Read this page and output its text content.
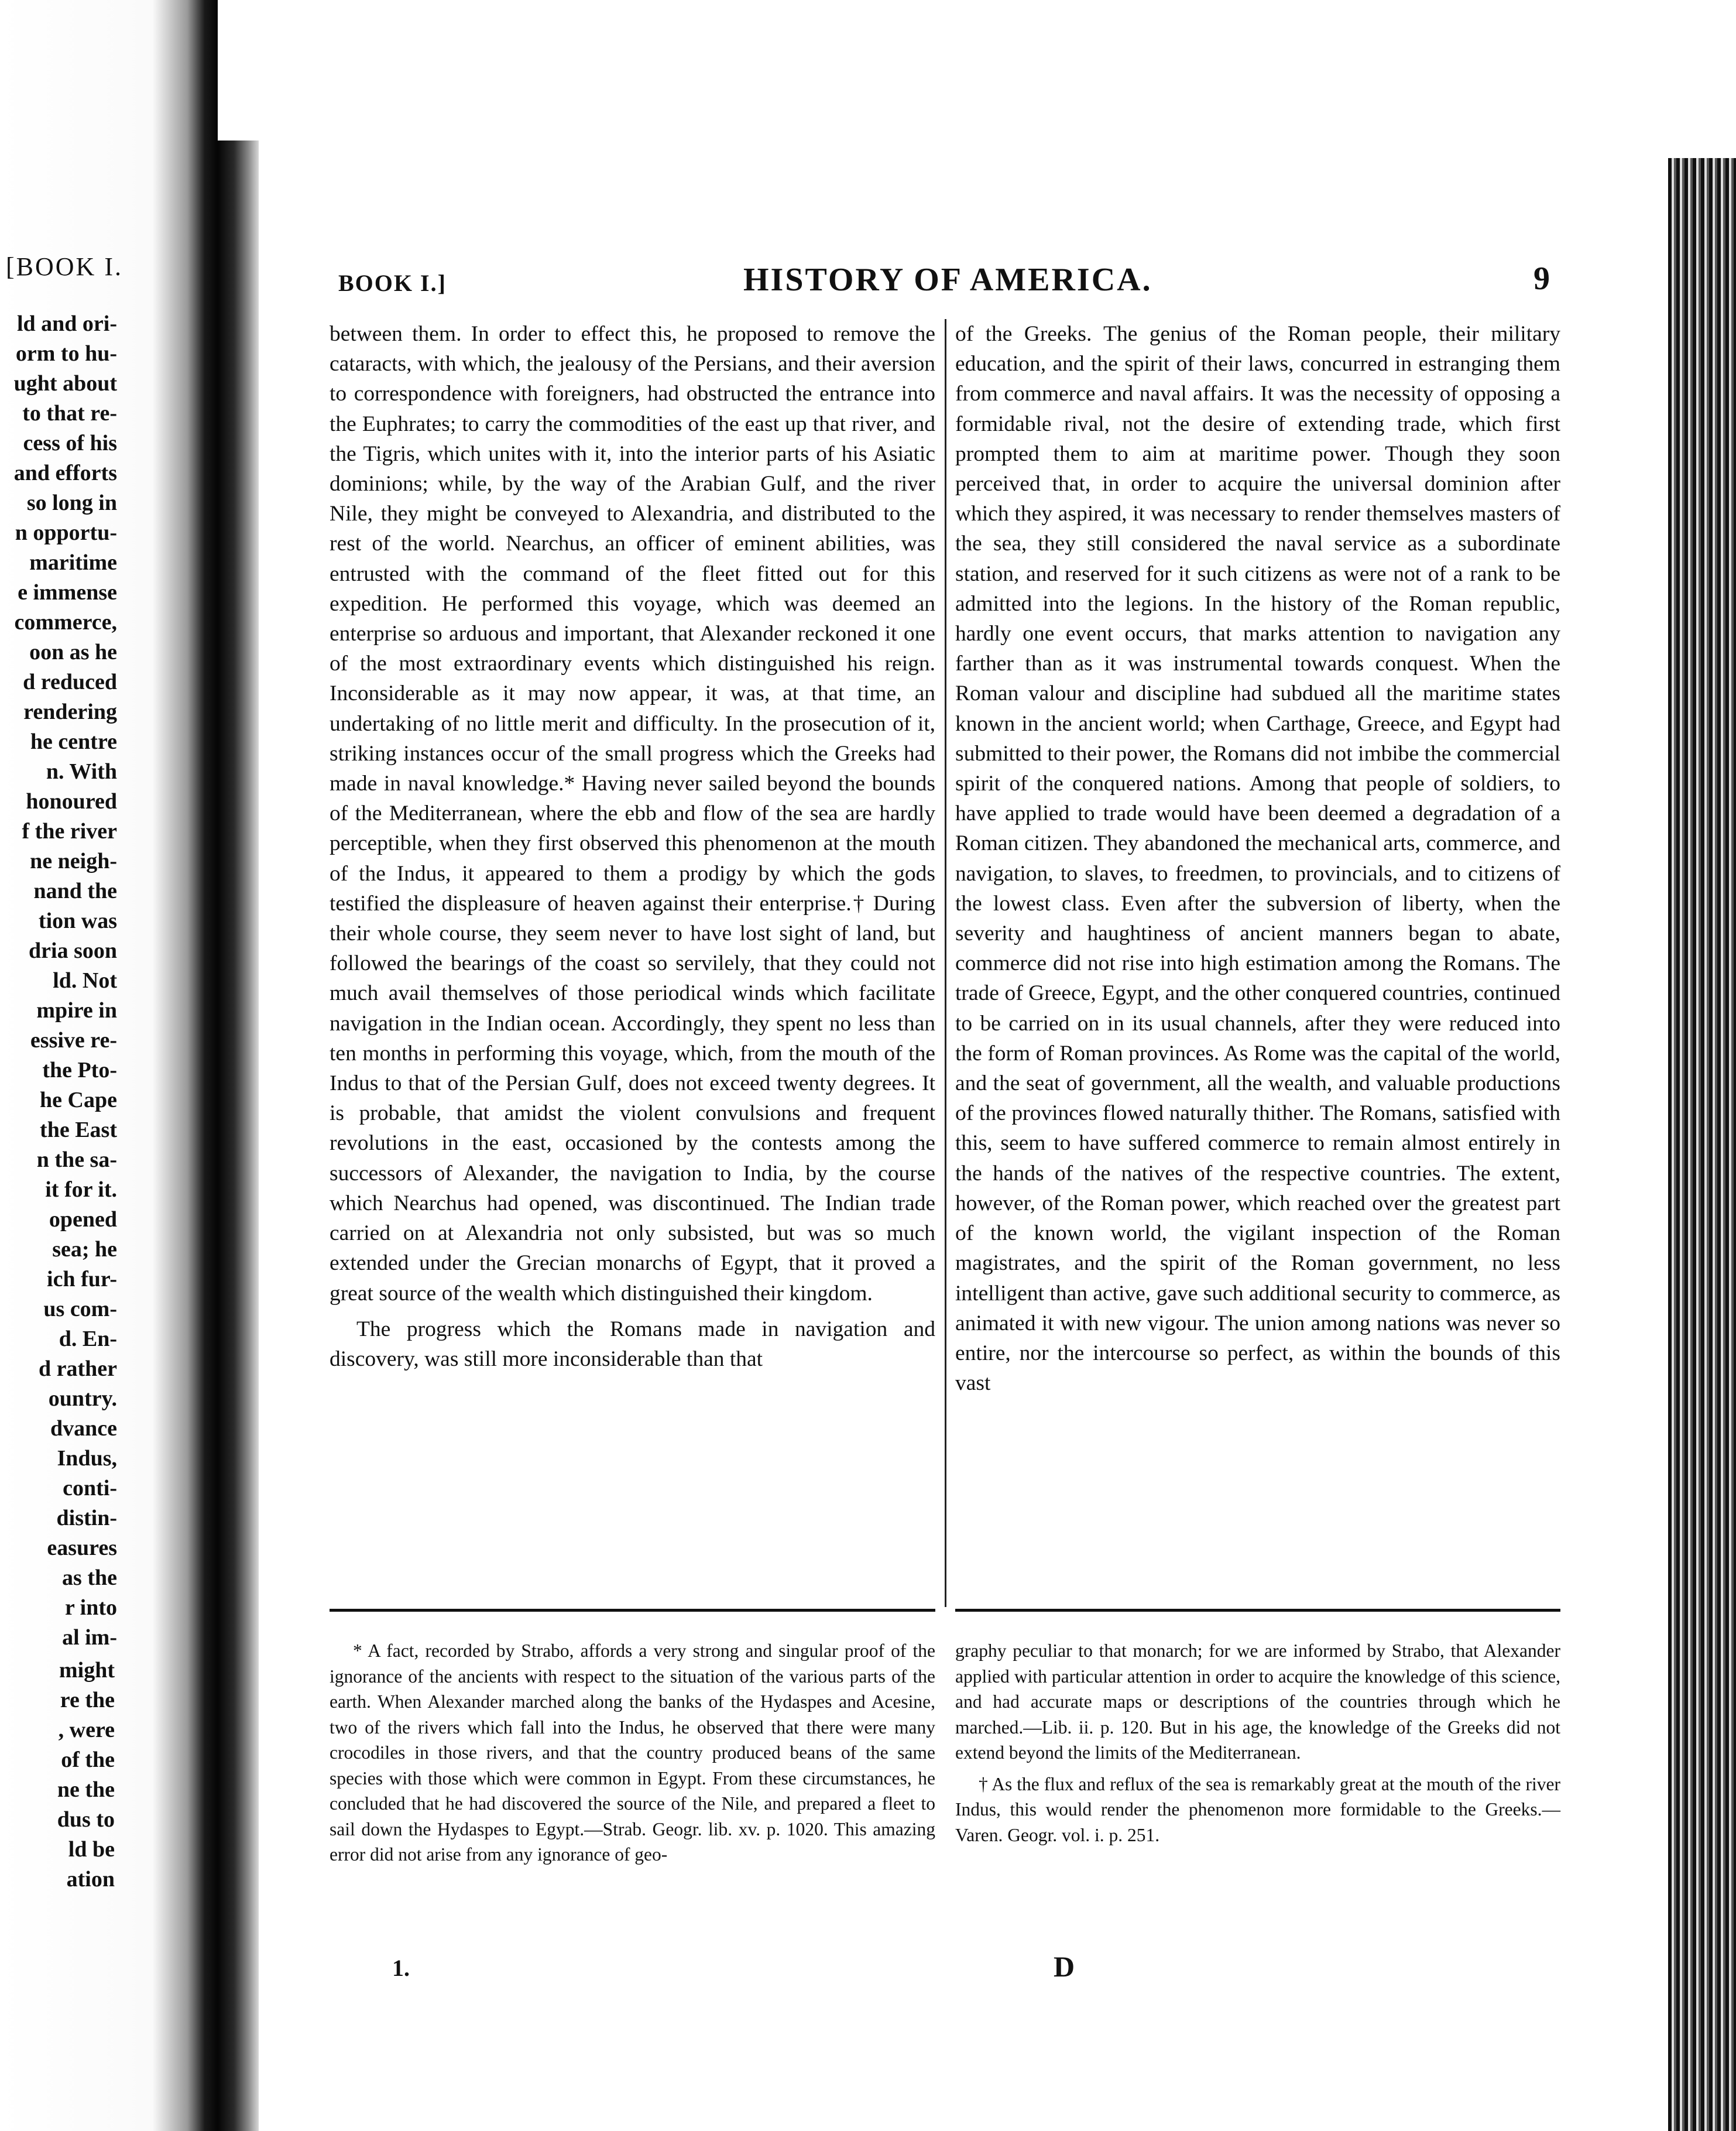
[BOOK I.
ld and ori-
orm to hu-
ught about
to that re-
cess of his
and efforts
so long in
n opportu-
maritime
e immense
commerce,
oon as he
d reduced
rendering
he centre
n. With
honoured
f the river
ne neigh-
nand the
tion was
dria soon
ld. Not
mpire in
essive re-
the Pto-
he Cape
the East
n the sa-
it for it.
opened
sea; he
ich fur-
us com-
d. En-
d rather
ountry.
dvance
Indus,
conti-
distin-
easures
as the
r into
al im-
might
re the
, were
of the
ne the
dus to
ld be
ation
BOOK I.]	HISTORY OF AMERICA.	9

between them. In order to effect this, he proposed to remove the cataracts, with which, the jealousy of the Persians, and their aversion to correspondence with foreigners, had obstructed the entrance into the Euphrates; to carry the commodities of the east up that river, and the Tigris, which unites with it, into the interior parts of his Asiatic dominions; while, by the way of the Arabian Gulf, and the river Nile, they might be conveyed to Alexandria, and distributed to the rest of the world. Nearchus, an officer of eminent abilities, was entrusted with the command of the fleet fitted out for this expedition. He performed this voyage, which was deemed an enterprise so arduous and important, that Alexander reckoned it one of the most extraordinary events which distinguished his reign. Inconsiderable as it may now appear, it was, at that time, an undertaking of no little merit and difficulty. In the prosecution of it, striking instances occur of the small progress which the Greeks had made in naval knowledge.* Having never sailed beyond the bounds of the Mediterranean, where the ebb and flow of the sea are hardly perceptible, when they first observed this phenomenon at the mouth of the Indus, it appeared to them a prodigy by which the gods testified the displeasure of heaven against their enterprise.† During their whole course, they seem never to have lost sight of land, but followed the bearings of the coast so servilely, that they could not much avail themselves of those periodical winds which facilitate navigation in the Indian ocean. Accordingly, they spent no less than ten months in performing this voyage, which, from the mouth of the Indus to that of the Persian Gulf, does not exceed twenty degrees. It is probable, that amidst the violent convulsions and frequent revolutions in the east, occasioned by the contests among the successors of Alexander, the navigation to India, by the course which Nearchus had opened, was discontinued. The Indian trade carried on at Alexandria not only subsisted, but was so much extended under the Grecian monarchs of Egypt, that it proved a great source of the wealth which distinguished their kingdom.

The progress which the Romans made in navigation and discovery, was still more inconsiderable than that

of the Greeks. The genius of the Roman people, their military education, and the spirit of their laws, concurred in estranging them from commerce and naval affairs. It was the necessity of opposing a formidable rival, not the desire of extending trade, which first prompted them to aim at maritime power. Though they soon perceived that, in order to acquire the universal dominion after which they aspired, it was necessary to render themselves masters of the sea, they still considered the naval service as a subordinate station, and reserved for it such citizens as were not of a rank to be admitted into the legions. In the history of the Roman republic, hardly one event occurs, that marks attention to navigation any farther than as it was instrumental towards conquest. When the Roman valour and discipline had subdued all the maritime states known in the ancient world; when Carthage, Greece, and Egypt had submitted to their power, the Romans did not imbibe the commercial spirit of the conquered nations. Among that people of soldiers, to have applied to trade would have been deemed a degradation of a Roman citizen. They abandoned the mechanical arts, commerce, and navigation, to slaves, to freedmen, to provincials, and to citizens of the lowest class. Even after the subversion of liberty, when the severity and haughtiness of ancient manners began to abate, commerce did not rise into high estimation among the Romans. The trade of Greece, Egypt, and the other conquered countries, continued to be carried on in its usual channels, after they were reduced into the form of Roman provinces. As Rome was the capital of the world, and the seat of government, all the wealth, and valuable productions of the provinces flowed naturally thither. The Romans, satisfied with this, seem to have suffered commerce to remain almost entirely in the hands of the natives of the respective countries. The extent, however, of the Roman power, which reached over the greatest part of the known world, the vigilant inspection of the Roman magistrates, and the spirit of the Roman government, no less intelligent than active, gave such additional security to commerce, as animated it with new vigour. The union among nations was never so entire, nor the intercourse so perfect, as within the bounds of this vast

* A fact, recorded by Strabo, affords a very strong and singular proof of the ignorance of the ancients with respect to the situation of the various parts of the earth. When Alexander marched along the banks of the Hydaspes and Acesine, two of the rivers which fall into the Indus, he observed that there were many crocodiles in those rivers, and that the country produced beans of the same species with those which were common in Egypt. From these circumstances, he concluded that he had discovered the source of the Nile, and prepared a fleet to sail down the Hydaspes to Egypt.—Strab. Geogr. lib. xv. p. 1020. This amazing error did not arise from any ignorance of geo-

graphy peculiar to that monarch; for we are informed by Strabo, that Alexander applied with particular attention in order to acquire the knowledge of this science, and had accurate maps or descriptions of the countries through which he marched.—Lib. ii. p. 120. But in his age, the knowledge of the Greeks did not extend beyond the limits of the Mediterranean.

† As the flux and reflux of the sea is remarkably great at the mouth of the river Indus, this would render the phenomenon more formidable to the Greeks.—Varen. Geogr. vol. i. p. 251.

1.	D
